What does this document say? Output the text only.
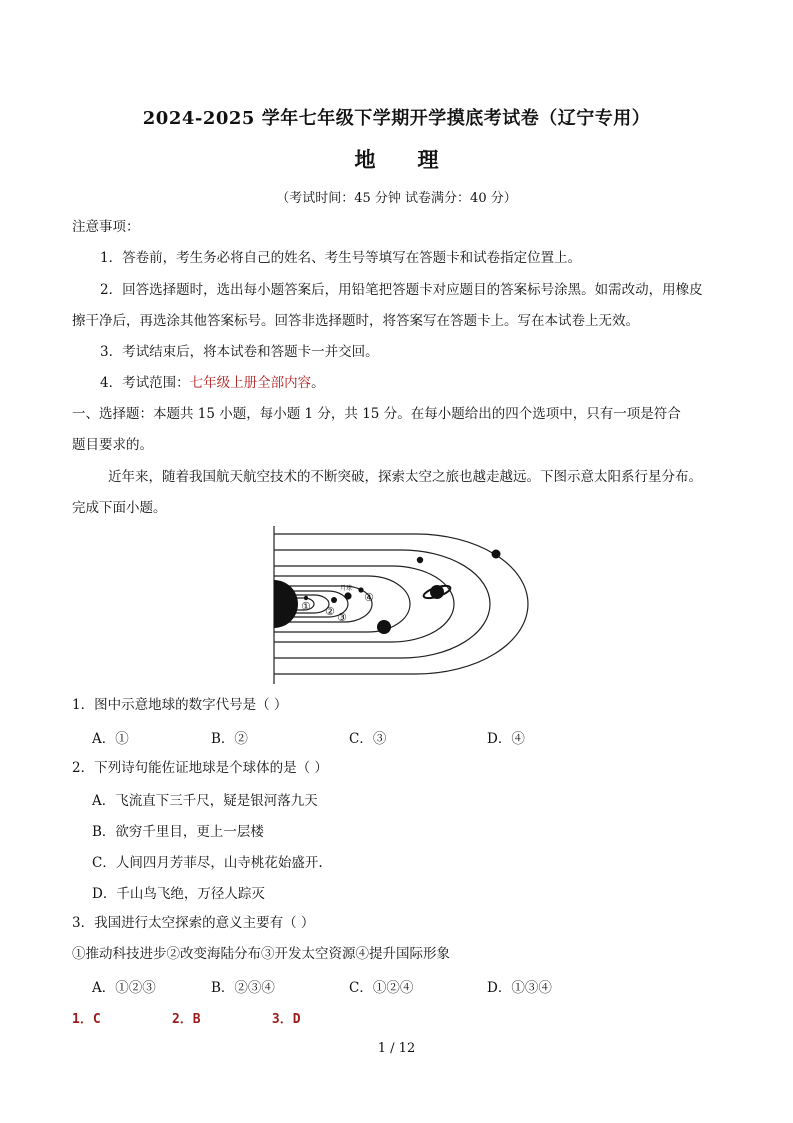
2024-2025 学年七年级下学期开学摸底考试卷（辽宁专用）
地理
（考试时间：45 分钟 试卷满分：40 分）
注意事项：
1．答卷前，考生务必将自己的姓名、考生号等填写在答题卡和试卷指定位置上。
2．回答选择题时，选出每小题答案后，用铅笔把答题卡对应题目的答案标号涂黑。如需改动，用橡皮
擦干净后，再选涂其他答案标号。回答非选择题时，将答案写在答题卡上。写在本试卷上无效。
3．考试结束后，将本试卷和答题卡一并交回。
4．考试范围：七年级上册全部内容。
一、选择题：本题共 15 小题，每小题 1 分，共 15 分。在每小题给出的四个选项中，只有一项是符合
题目要求的。
近年来，随着我国航天航空技术的不断突破，探索太空之旅也越走越远。下图示意太阳系行星分布。
完成下面小题。
① ② ③
④
月球
1．图中示意地球的数字代号是（ ）
A．①	B．②	C．③	D．④
2．下列诗句能佐证地球是个球体的是（ ）
A．飞流直下三千尺，疑是银河落九天
B．欲穷千里目，更上一层楼
C．人间四月芳菲尽，山寺桃花始盛开.
D．千山鸟飞绝，万径人踪灭
3．我国进行太空探索的意义主要有（ ）
①推动科技进步②改变海陆分布③开发太空资源④提升国际形象
A．①②③	B．②③④	C．①②④	D．①③④
1．C    2．B    3．D
1 / 12
